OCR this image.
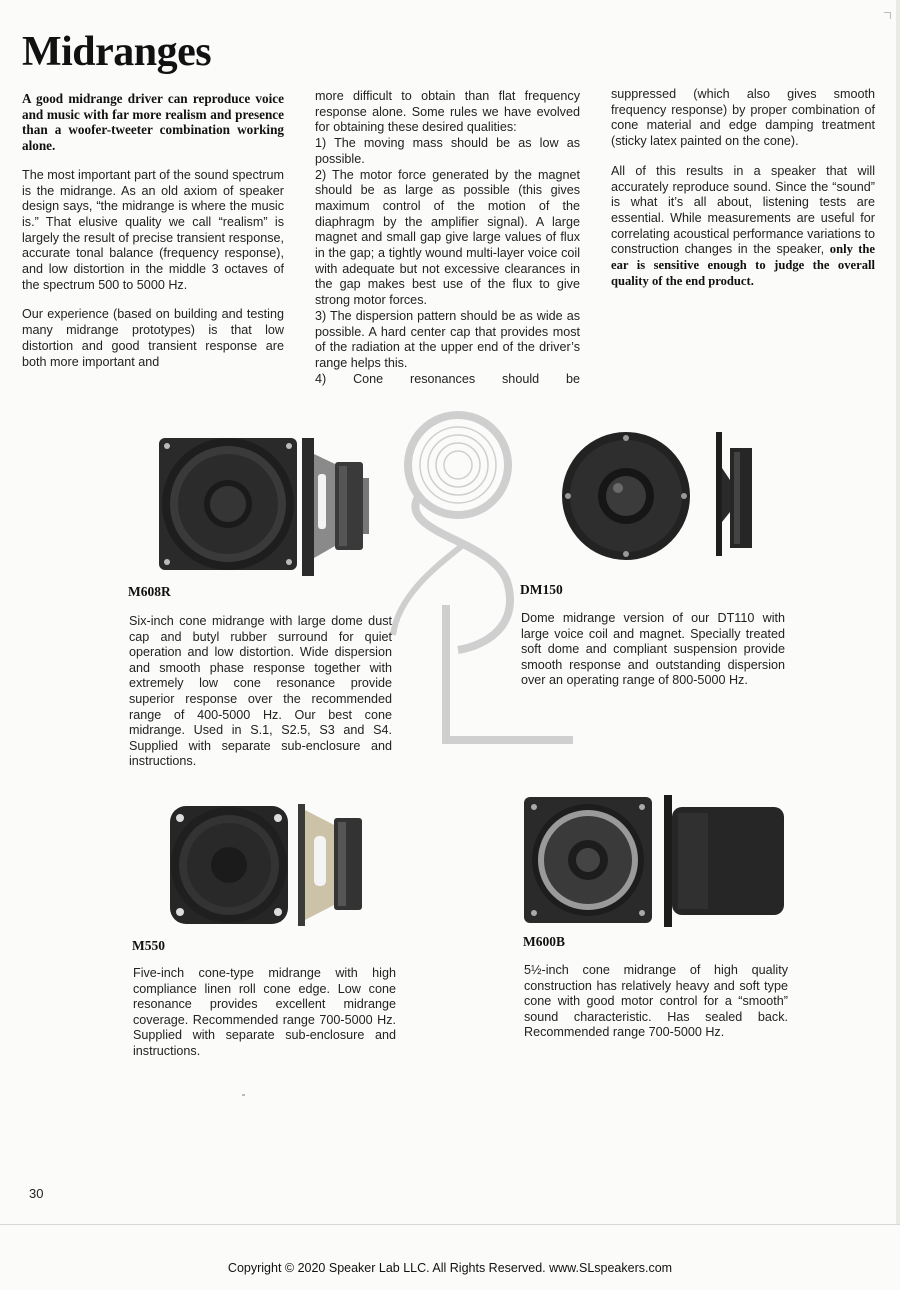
Midranges

A good midrange driver can reproduce voice and music with far more realism and presence than a woofer-tweeter combination working alone.

The most important part of the sound spectrum is the midrange. As an old axiom of speaker design says, “the midrange is where the music is.” That elusive quality we call “realism” is largely the result of precise transient response, accurate tonal balance (frequency response), and low distortion in the middle 3 octaves of the spectrum 500 to 5000 Hz.

Our experience (based on building and testing many midrange prototypes) is that low distortion and good transient response are both more important and

more difficult to obtain than flat frequency response alone. Some rules we have evolved for obtaining these desired qualities:

1) The moving mass should be as low as possible.
2) The motor force generated by the magnet should be as large as possible (this gives maximum control of the motion of the diaphragm by the amplifier signal). A large magnet and small gap give large values of flux in the gap; a tightly wound multi-layer voice coil with adequate but not excessive clearances in the gap makes best use of the flux to give strong motor forces.
3) The dispersion pattern should be as wide as possible. A hard center cap that provides most of the radiation at the upper end of the driver’s range helps this.
4) Cone resonances should be

suppressed (which also gives smooth frequency response) by proper combination of cone material and edge damping treatment (sticky latex painted on the cone).

All of this results in a speaker that will accurately reproduce sound. Since the “sound” is what it’s all about, listening tests are essential. While measurements are useful for correlating acoustical performance variations to construction changes in the speaker, only the ear is sensitive enough to judge the overall quality of the end product.

M608R

Six-inch cone midrange with large dome dust cap and butyl rubber surround for quiet operation and low distortion. Wide dispersion and smooth phase response together with extremely low cone resonance provide superior response over the recommended range of 400-5000 Hz. Our best cone midrange. Used in S.1, S2.5, S3 and S4. Supplied with separate sub-enclosure and instructions.

DM150

Dome midrange version of our DT110 with large voice coil and magnet. Specially treated soft dome and compliant suspension provide smooth response and outstanding dispersion over an operating range of 800-5000 Hz.

M550

Five-inch cone-type midrange with high compliance linen roll cone edge. Low cone resonance provides excellent midrange coverage. Recommended range 700-5000 Hz. Supplied with separate sub-enclosure and instructions.

M600B

5½-inch cone midrange of high quality construction has relatively heavy and soft type cone with good motor control for a “smooth” sound characteristic. Has sealed back. Recommended range 700-5000 Hz.

30

Copyright © 2020 Speaker Lab LLC. All Rights Reserved. www.SLspeakers.com
